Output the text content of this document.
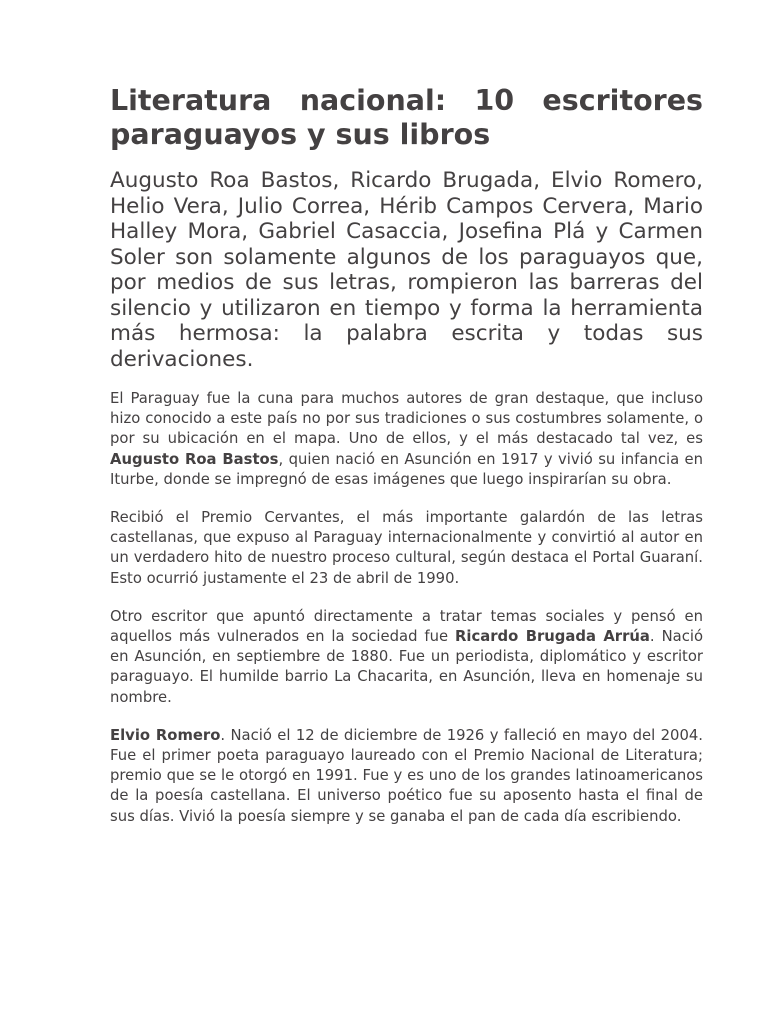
Literatura nacional: 10 escritores paraguayos y sus libros

Augusto Roa Bastos, Ricardo Brugada, Elvio Romero, Helio Vera, Julio Correa, Hérib Campos Cervera, Mario Halley Mora, Gabriel Casaccia, Josefina Plá y Carmen Soler son solamente algunos de los paraguayos que, por medios de sus letras, rompieron las barreras del silencio y utilizaron en tiempo y forma la herramienta más hermosa: la palabra escrita y todas sus derivaciones.

El Paraguay fue la cuna para muchos autores de gran destaque, que incluso hizo conocido a este país no por sus tradiciones o sus costumbres solamente, o por su ubicación en el mapa. Uno de ellos, y el más destacado tal vez, es Augusto Roa Bastos, quien nació en Asunción en 1917 y vivió su infancia en Iturbe, donde se impregnó de esas imágenes que luego inspirarían su obra.

Recibió el Premio Cervantes, el más importante galardón de las letras castellanas, que expuso al Paraguay internacionalmente y convirtió al autor en un verdadero hito de nuestro proceso cultural, según destaca el Portal Guaraní. Esto ocurrió justamente el 23 de abril de 1990.

Otro escritor que apuntó directamente a tratar temas sociales y pensó en aquellos más vulnerados en la sociedad fue Ricardo Brugada Arrúa. Nació en Asunción, en septiembre de 1880. Fue un periodista, diplomático y escritor paraguayo. El humilde barrio La Chacarita, en Asunción, lleva en homenaje su nombre.

Elvio Romero. Nació el 12 de diciembre de 1926 y falleció en mayo del 2004. Fue el primer poeta paraguayo laureado con el Premio Nacional de Literatura; premio que se le otorgó en 1991. Fue y es uno de los grandes latinoamericanos de la poesía castellana. El universo poético fue su aposento hasta el final de sus días. Vivió la poesía siempre y se ganaba el pan de cada día escribiendo.
